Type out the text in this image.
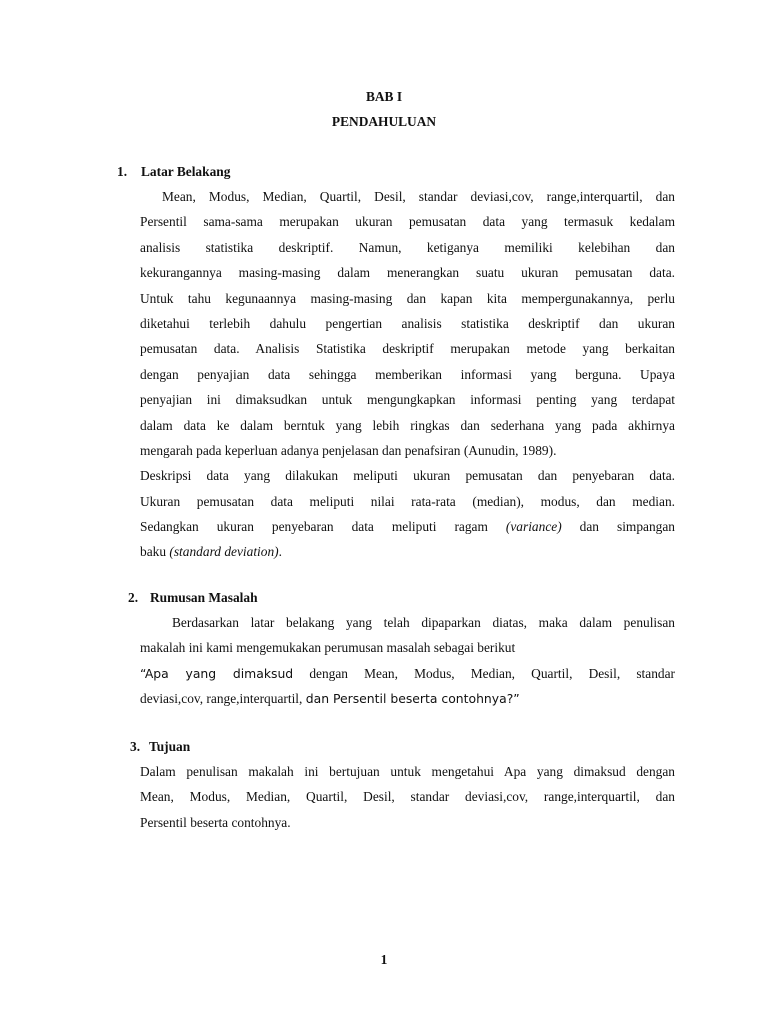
BAB I
PENDAHULUAN
1. Latar Belakang
Mean, Modus, Median, Quartil, Desil, standar deviasi,cov, range,interquartil, dan
Persentil sama-sama merupakan ukuran pemusatan data yang termasuk kedalam
analisis statistika deskriptif. Namun, ketiganya memiliki kelebihan dan
kekurangannya masing-masing dalam menerangkan suatu ukuran pemusatan data.
Untuk tahu kegunaannya masing-masing dan kapan kita mempergunakannya, perlu
diketahui terlebih dahulu pengertian analisis statistika deskriptif dan ukuran
pemusatan data. Analisis Statistika deskriptif merupakan metode yang berkaitan
dengan penyajian data sehingga memberikan informasi yang berguna. Upaya
penyajian ini dimaksudkan untuk mengungkapkan informasi penting yang terdapat
dalam data ke dalam berntuk yang lebih ringkas dan sederhana yang pada akhirnya
mengarah pada keperluan adanya penjelasan dan penafsiran (Aunudin, 1989).
Deskripsi data yang dilakukan meliputi ukuran pemusatan dan penyebaran data.
Ukuran pemusatan data meliputi nilai rata-rata (median), modus, dan median.
Sedangkan ukuran penyebaran data meliputi ragam (variance) dan simpangan
baku (standard deviation).
2. Rumusan Masalah
Berdasarkan latar belakang yang telah dipaparkan diatas, maka dalam penulisan
makalah ini kami mengemukakan perumusan masalah sebagai berikut
“Apa yang dimaksud dengan Mean, Modus, Median, Quartil, Desil, standar
deviasi,cov, range,interquartil, dan Persentil beserta contohnya?”
3. Tujuan
Dalam penulisan makalah ini bertujuan untuk mengetahui Apa yang dimaksud dengan
Mean, Modus, Median, Quartil, Desil, standar deviasi,cov, range,interquartil, dan
Persentil beserta contohnya.
1
